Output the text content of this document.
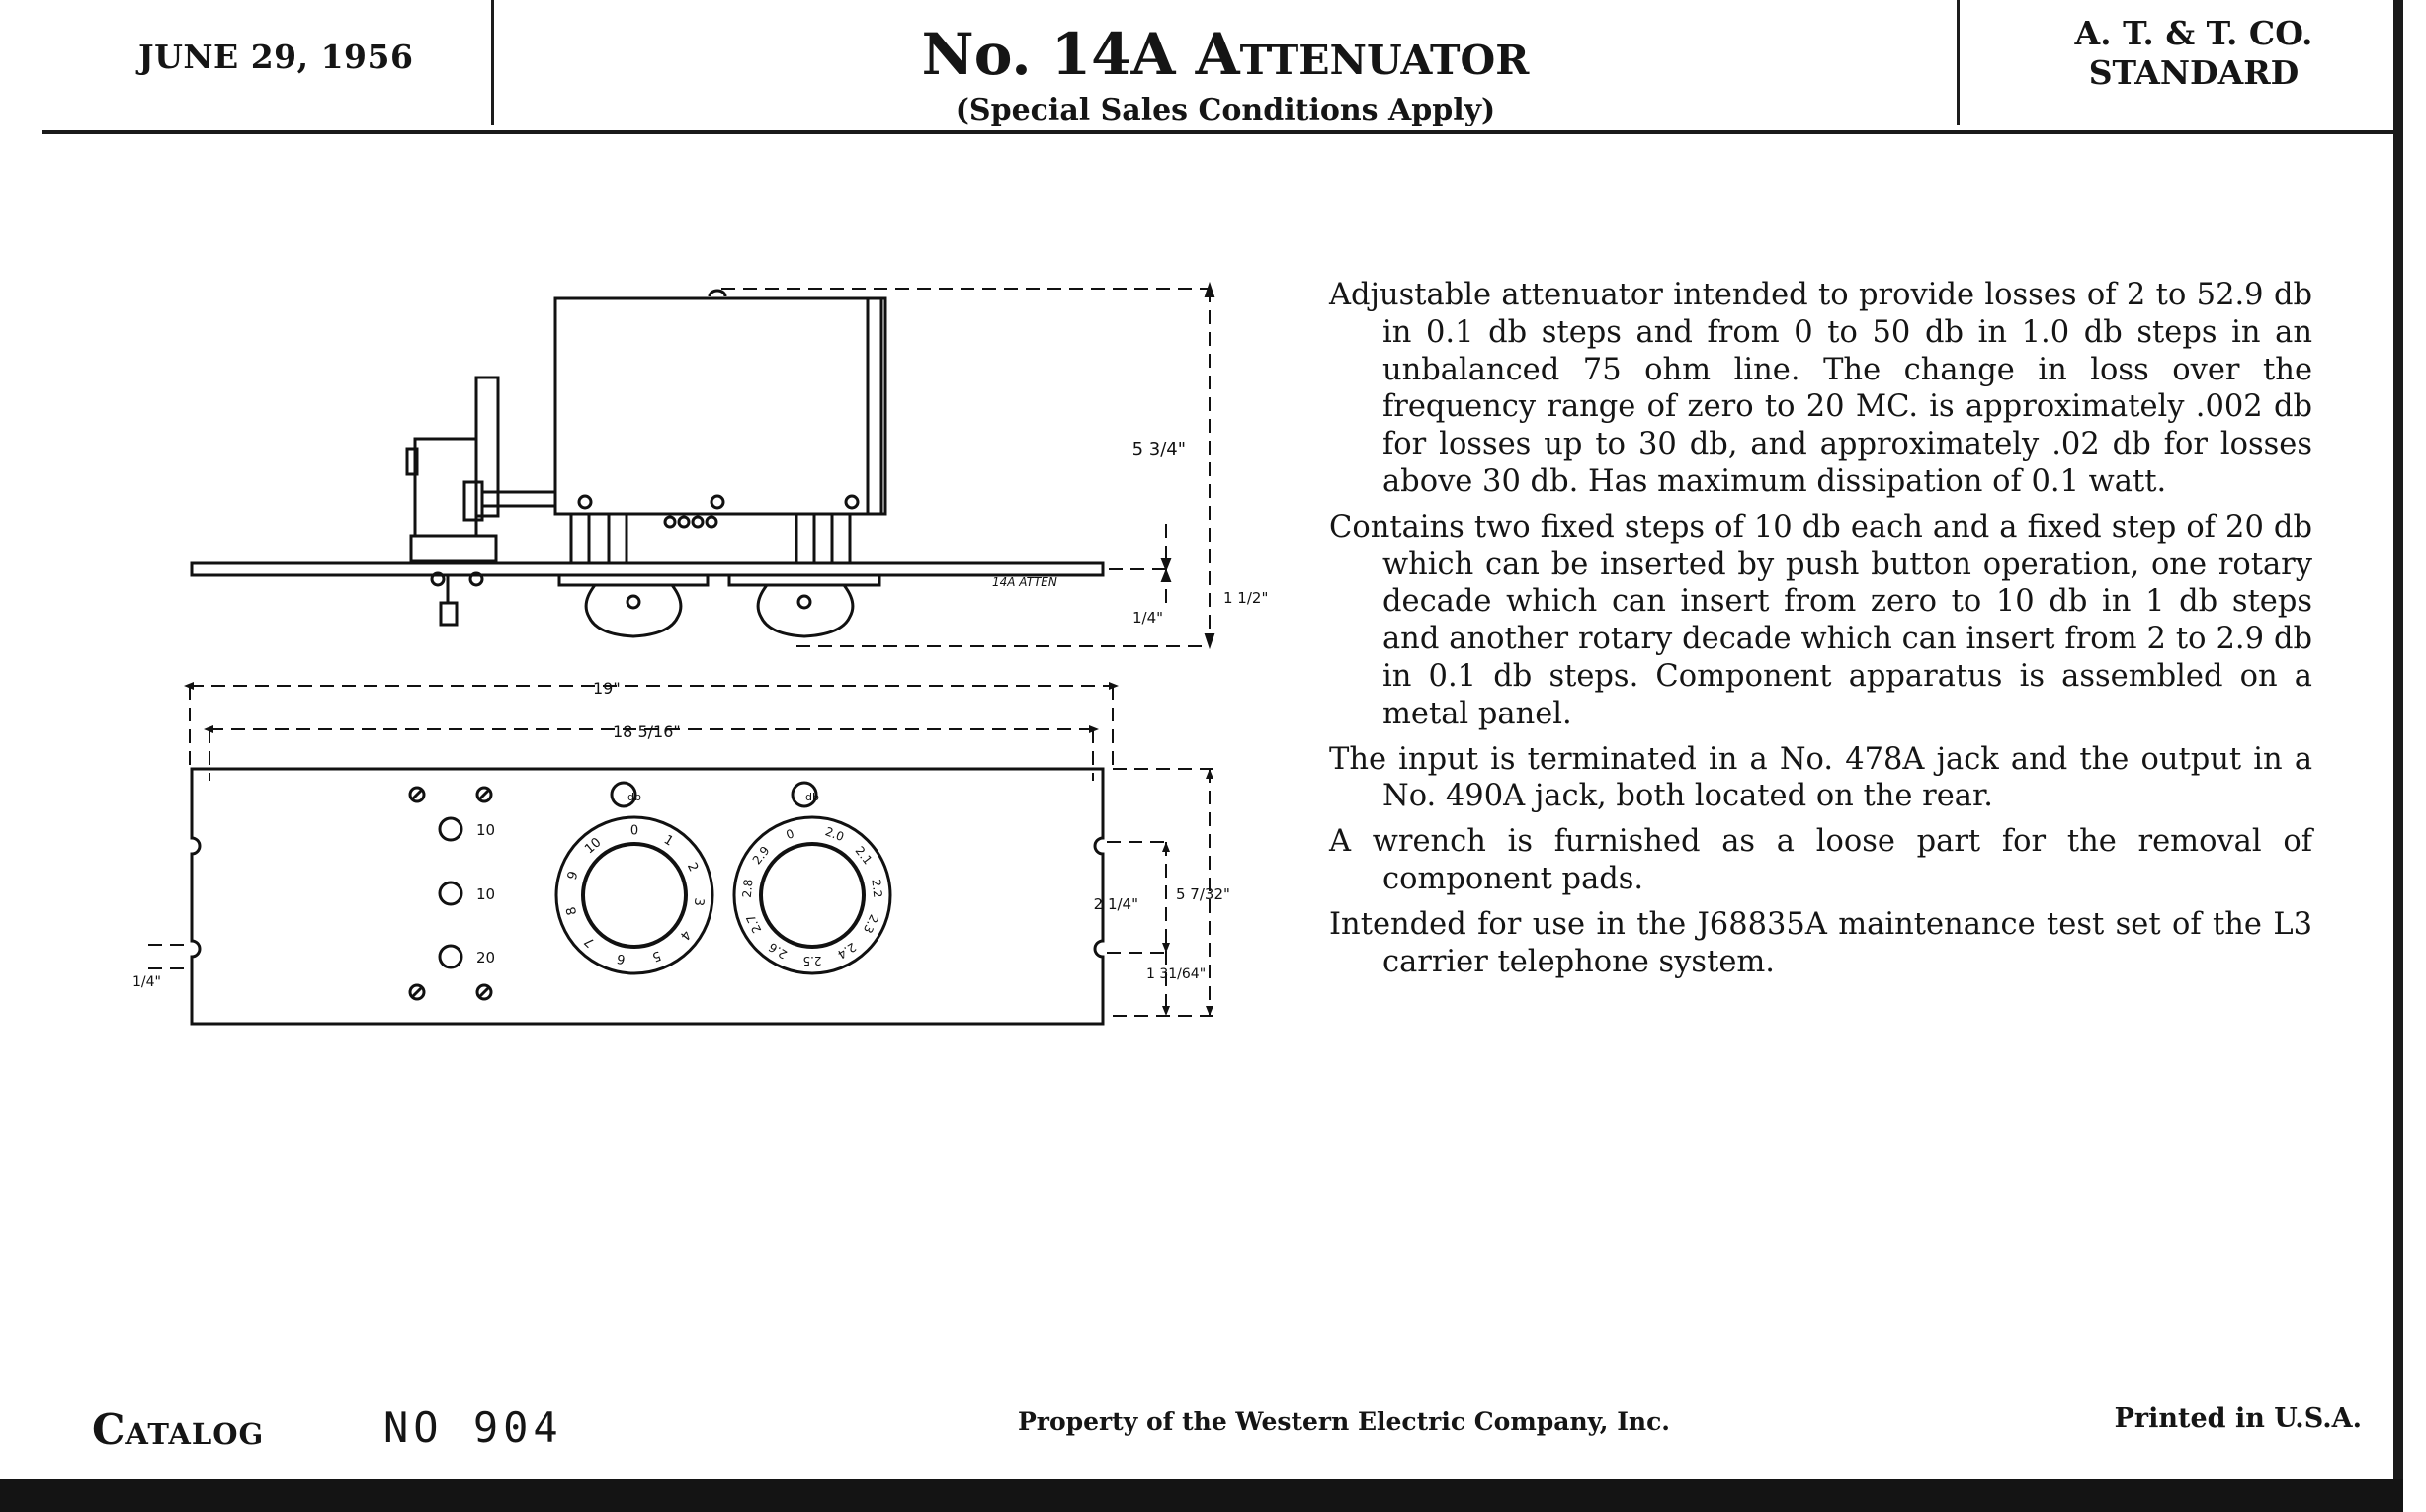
JUNE 29, 1956	No. 14A Attenuator
(Special Sales Conditions Apply)
A. T. & T. CO.
STANDARD
14A ATTEN
5 3/4"
1 1/2"
1/4"
19"
18 5/16"
5 7/32"
2 1/4"
1 31/64"
1/4"
10
10
20
db	db
0
1
2
3
4
5
6
7
8
9
10
2.0
2.1
2.2
2.3
2.4
2.5
2.6
2.7
2.8
2.9
0

Adjustable attenuator intended to provide losses of 2 to 52.9 db in 0.1 db steps and from 0 to 50 db in 1.0 db steps in an unbalanced 75 ohm line. The change in loss over the frequency range of zero to 20 MC. is approximately .002 db for losses up to 30 db, and approximately .02 db for losses above 30 db. Has maximum dissipation of 0.1 watt.

Contains two fixed steps of 10 db each and a fixed step of 20 db which can be inserted by push button operation, one rotary decade which can insert from zero to 10 db in 1 db steps and another rotary decade which can insert from 2 to 2.9 db in 0.1 db steps. Component apparatus is assembled on a metal panel.

The input is terminated in a No. 478A jack and the output in a No. 490A jack, both located on the rear.

A wrench is furnished as a loose part for the removal of component pads.

Intended for use in the J68835A maintenance test set of the L3 carrier telephone system.

Catalog	NO 904	Property of the Western Electric Company, Inc.	Printed in U.S.A.
